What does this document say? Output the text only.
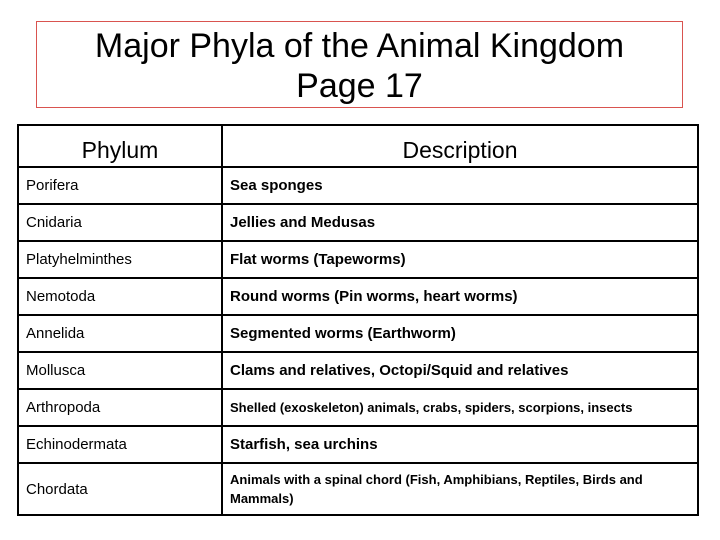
Major Phyla of the Animal Kingdom
Page 17
Phylum	Description
Porifera	Sea sponges
Cnidaria	Jellies and Medusas
Platyhelminthes	Flat worms (Tapeworms)
Nemotoda	Round worms (Pin worms, heart worms)
Annelida	Segmented worms (Earthworm)
Mollusca	Clams and relatives, Octopi/Squid and relatives
Arthropoda	Shelled (exoskeleton) animals, crabs, spiders, scorpions, insects
Echinodermata	Starfish, sea urchins
Chordata	Animals with a spinal chord (Fish, Amphibians, Reptiles, Birds and Mammals)
